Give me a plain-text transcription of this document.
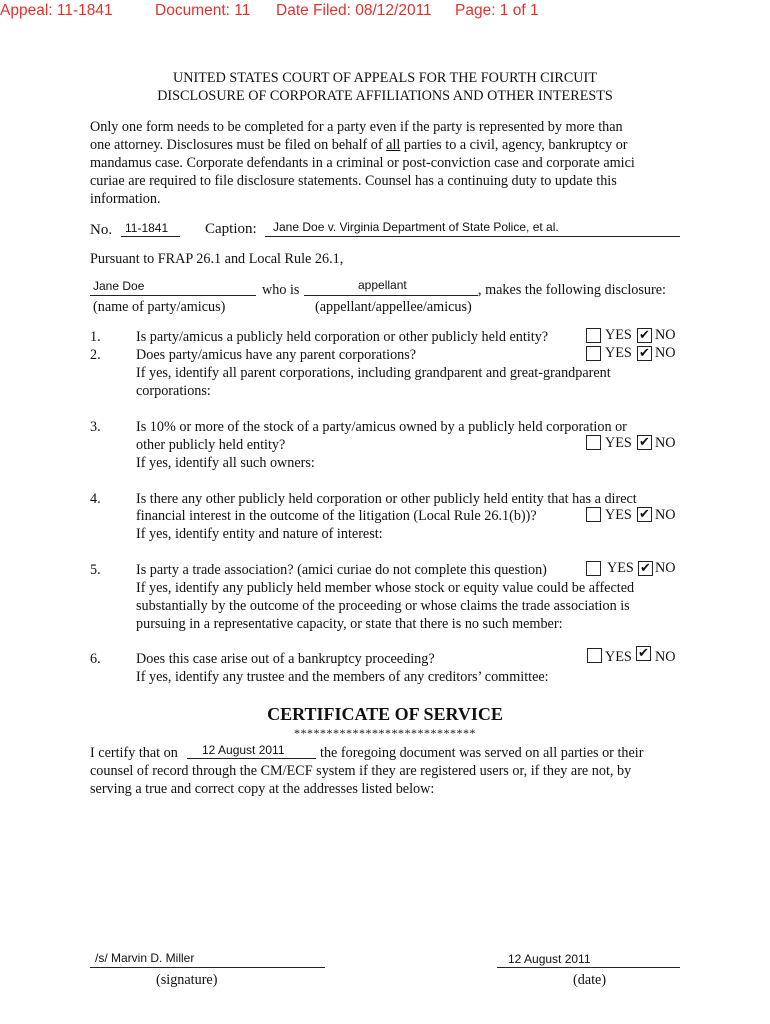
Appeal: 11-1841	Document: 11 Date Filed: 08/12/2011 Page: 1 of 1
UNITED STATES COURT OF APPEALS FOR THE FOURTH CIRCUIT
DISCLOSURE OF CORPORATE AFFILIATIONS AND OTHER INTERESTS
Only one form needs to be completed for a party even if the party is represented by more than
one attorney. Disclosures must be filed on behalf of all parties to a civil, agency, bankruptcy or
mandamus case. Corporate defendants in a criminal or post-conviction case and corporate amici
curiae are required to file disclosure statements. Counsel has a continuing duty to update this
information.
No. 11-1841 Caption: Jane Doe v. Virginia Department of State Police, et al.
Pursuant to FRAP 26.1 and Local Rule 26.1,
Jane Doe	who is	appellant	, makes the following disclosure:
(name of party/amicus)	(appellant/appellee/amicus)
1. Is party/amicus a publicly held corporation or other publicly held entity?	YES ✔ NO
2. Does party/amicus have any parent corporations?	YES ✔ NO
If yes, identify all parent corporations, including grandparent and great-grandparent
corporations:
3. Is 10% or more of the stock of a party/amicus owned by a publicly held corporation or
other publicly held entity?	YES ✔ NO
If yes, identify all such owners:
4. Is there any other publicly held corporation or other publicly held entity that has a direct
financial interest in the outcome of the litigation (Local Rule 26.1(b))?	YES ✔ NO
If yes, identify entity and nature of interest:
5. Is party a trade association? (amici curiae do not complete this question)	YES ✔ NO
If yes, identify any publicly held member whose stock or equity value could be affected
substantially by the outcome of the proceeding or whose claims the trade association is
pursuing in a representative capacity, or state that there is no such member:
6. Does this case arise out of a bankruptcy proceeding?	YES ✔ NO
If yes, identify any trustee and the members of any creditors’ committee:
CERTIFICATE OF SERVICE
****************************
I certify that on 12 August 2011 the foregoing document was served on all parties or their
counsel of record through the CM/ECF system if they are registered users or, if they are not, by
serving a true and correct copy at the addresses listed below:
/s/ Marvin D. Miller
(signature)
12 August 2011
(date)
